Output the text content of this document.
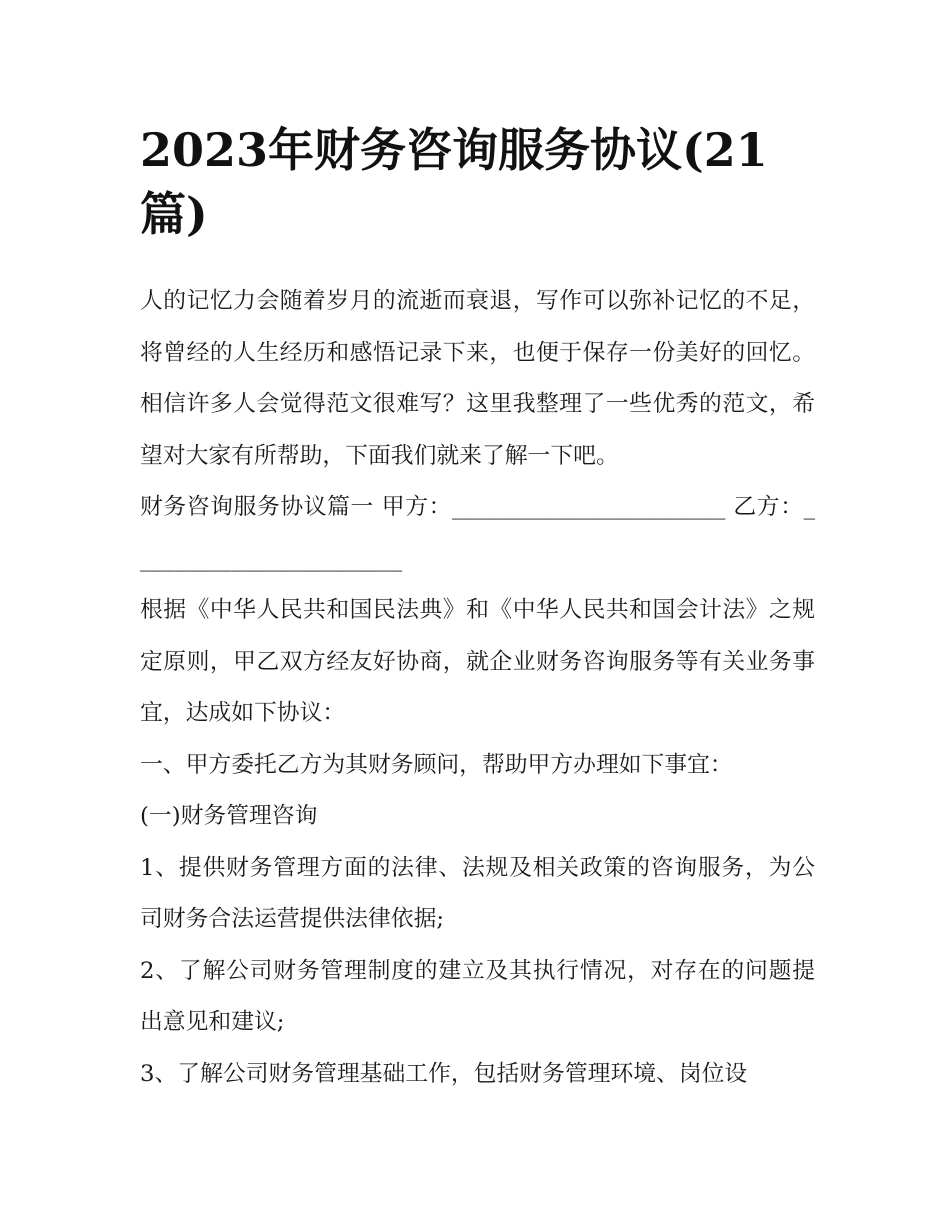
2023年财务咨询服务协议(21篇)

人的记忆力会随着岁月的流逝而衰退，写作可以弥补记忆的不足，将曾经的人生经历和感悟记录下来，也便于保存一份美好的回忆。相信许多人会觉得范文很难写？这里我整理了一些优秀的范文，希望对大家有所帮助，下面我们就来了解一下吧。

财务咨询服务协议篇一 甲方：________________________ 乙方：________________________

根据《中华人民共和国民法典》和《中华人民共和国会计法》之规定原则，甲乙双方经友好协商，就企业财务咨询服务等有关业务事宜，达成如下协议：

一、甲方委托乙方为其财务顾问，帮助甲方办理如下事宜：

(一)财务管理咨询

1、提供财务管理方面的法律、法规及相关政策的咨询服务，为公司财务合法运营提供法律依据;

2、了解公司财务管理制度的建立及其执行情况，对存在的问题提出意见和建议;

3、了解公司财务管理基础工作，包括财务管理环境、岗位设
